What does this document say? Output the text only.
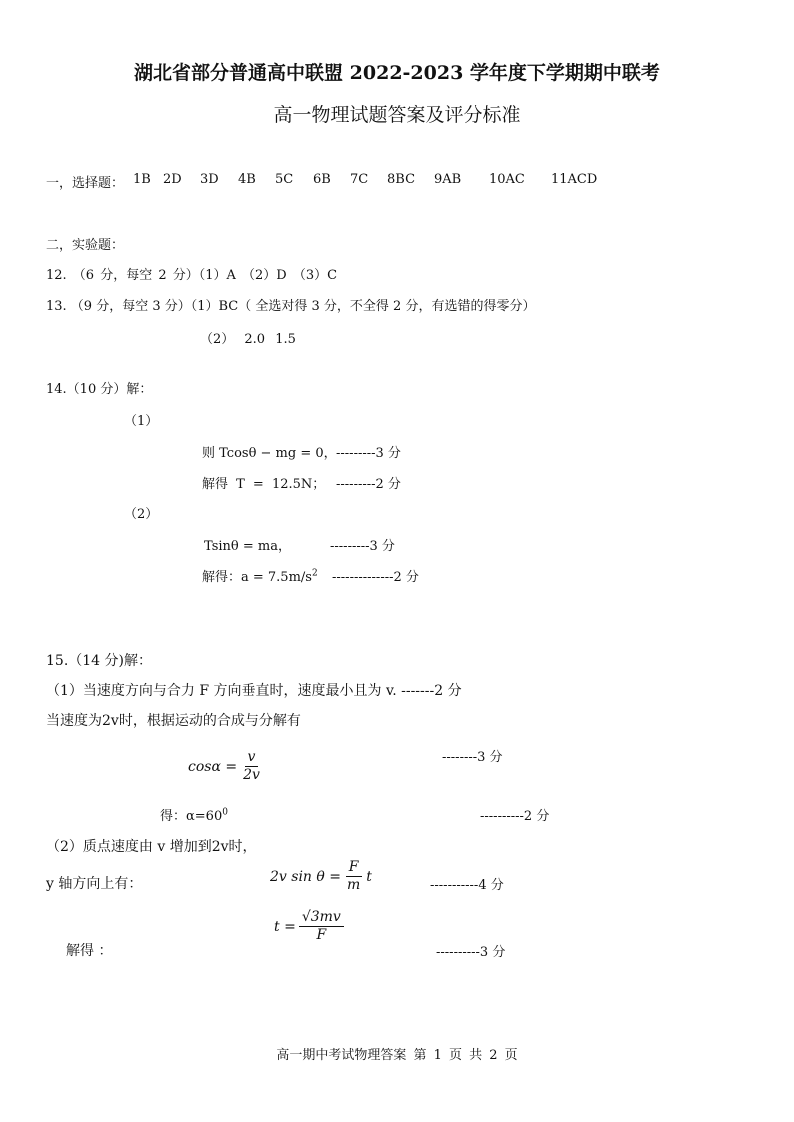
湖北省部分普通高中联盟 2022-2023 学年度下学期期中联考
高一物理试题答案及评分标准
一，选择题： 1B 2D 3D 4B 5C 6B 7C 8BC 9AB 10AC 11ACD
二，实验题：
12. （6 分，每空 2 分）（1）A （2）D （3）C
13. （9 分，每空 3 分）（1）BC（ 全选对得 3 分，不全得 2 分，有选错的得零分）
（2） 2.0 1.5
14.（10 分）解：
（1）
则 Tcosθ − mg = 0， ---------3 分
解得 T = 12.5N； ---------2 分
（2）
Tsinθ = ma，	---------3 分
解得：$a = 7.5m/s^2$ --------------2 分
15.（14 分)解：
（1）当速度方向与合力 F 方向垂直时，速度最小且为 v. -------2 分
当速度为2v时，根据运动的合成与分解有
$\cos\alpha = \frac{v}{2v}$	--------3 分
得：$\alpha=60^0$	----------2 分
（2）质点速度由 v 增加到2v时，
y 轴方向上有：	2v $\sin \theta = \frac{F}{m}$ t
-----------4 分
解得 ：
$t = \frac{√3mv}{F}$
----------3 分
高一期中考试物理答案 第 1 页 共 2 页
